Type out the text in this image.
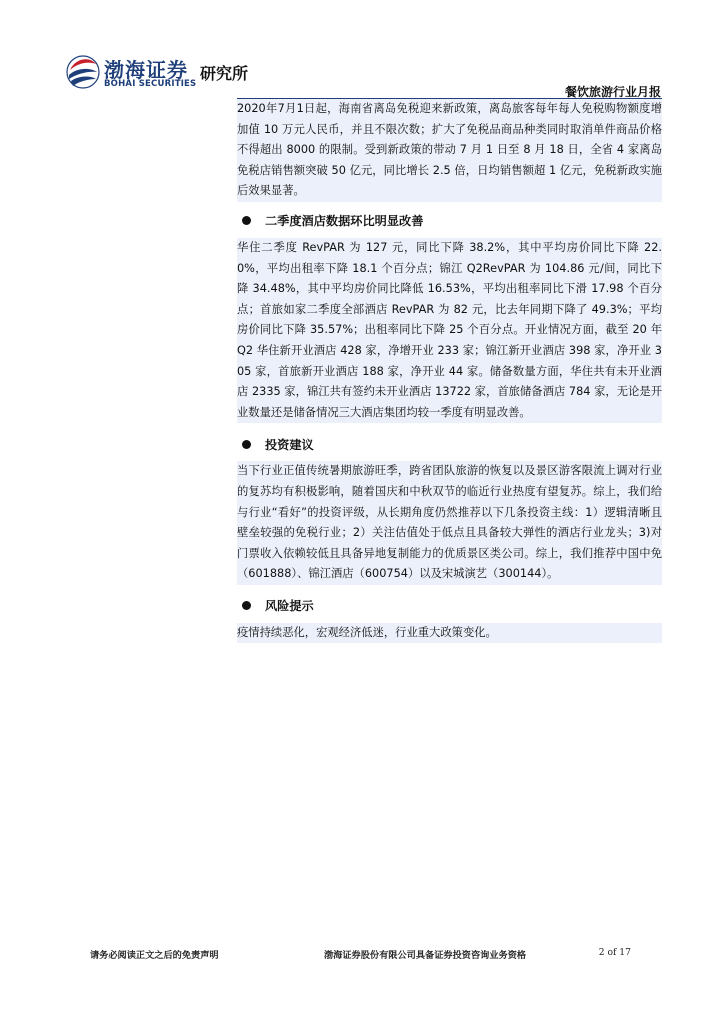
渤海证券
BOHAI SECURITIES
研究所
餐饮旅游行业月报

2020年7月1日起，海南省离岛免税迎来新政策，离岛旅客每年每人免税购物额度增加值 10 万元人民币，并且不限次数；扩大了免税品商品种类同时取消单件商品价格不得超出 8000 的限制。受到新政策的带动 7 月 1 日至 8 月 18 日，全省 4 家离岛免税店销售额突破 50 亿元，同比增长 2.5 倍，日均销售额超 1 亿元，免税新政实施后效果显著。

二季度酒店数据环比明显改善

华住二季度 RevPAR 为 127 元，同比下降 38.2%，其中平均房价同比下降 22.0%，平均出租率下降 18.1 个百分点；锦江 Q2RevPAR 为 104.86 元/间，同比下降 34.48%，其中平均房价同比降低 16.53%，平均出租率同比下滑 17.98 个百分点；首旅如家二季度全部酒店 RevPAR 为 82 元，比去年同期下降了 49.3%；平均房价同比下降 35.57%；出租率同比下降 25 个百分点。开业情况方面，截至 20 年 Q2 华住新开业酒店 428 家，净增开业 233 家；锦江新开业酒店 398 家，净开业 305 家，首旅新开业酒店 188 家，净开业 44 家。储备数量方面，华住共有未开业酒店 2335 家，锦江共有签约未开业酒店 13722 家，首旅储备酒店 784 家，无论是开业数量还是储备情况三大酒店集团均较一季度有明显改善。

投资建议

当下行业正值传统暑期旅游旺季，跨省团队旅游的恢复以及景区游客限流上调对行业的复苏均有积极影响，随着国庆和中秋双节的临近行业热度有望复苏。综上，我们给与行业“看好”的投资评级，从长期角度仍然推荐以下几条投资主线：1）逻辑清晰且壁垒较强的免税行业；2）关注估值处于低点且具备较大弹性的酒店行业龙头；3)对门票收入依赖较低且具备异地复制能力的优质景区类公司。综上，我们推荐中国中免（601888）、锦江酒店（600754）以及宋城演艺（300144）。

风险提示

疫情持续恶化，宏观经济低迷，行业重大政策变化。

请务必阅读正文之后的免责声明	渤海证券股份有限公司具备证券投资咨询业务资格	2 of 17
